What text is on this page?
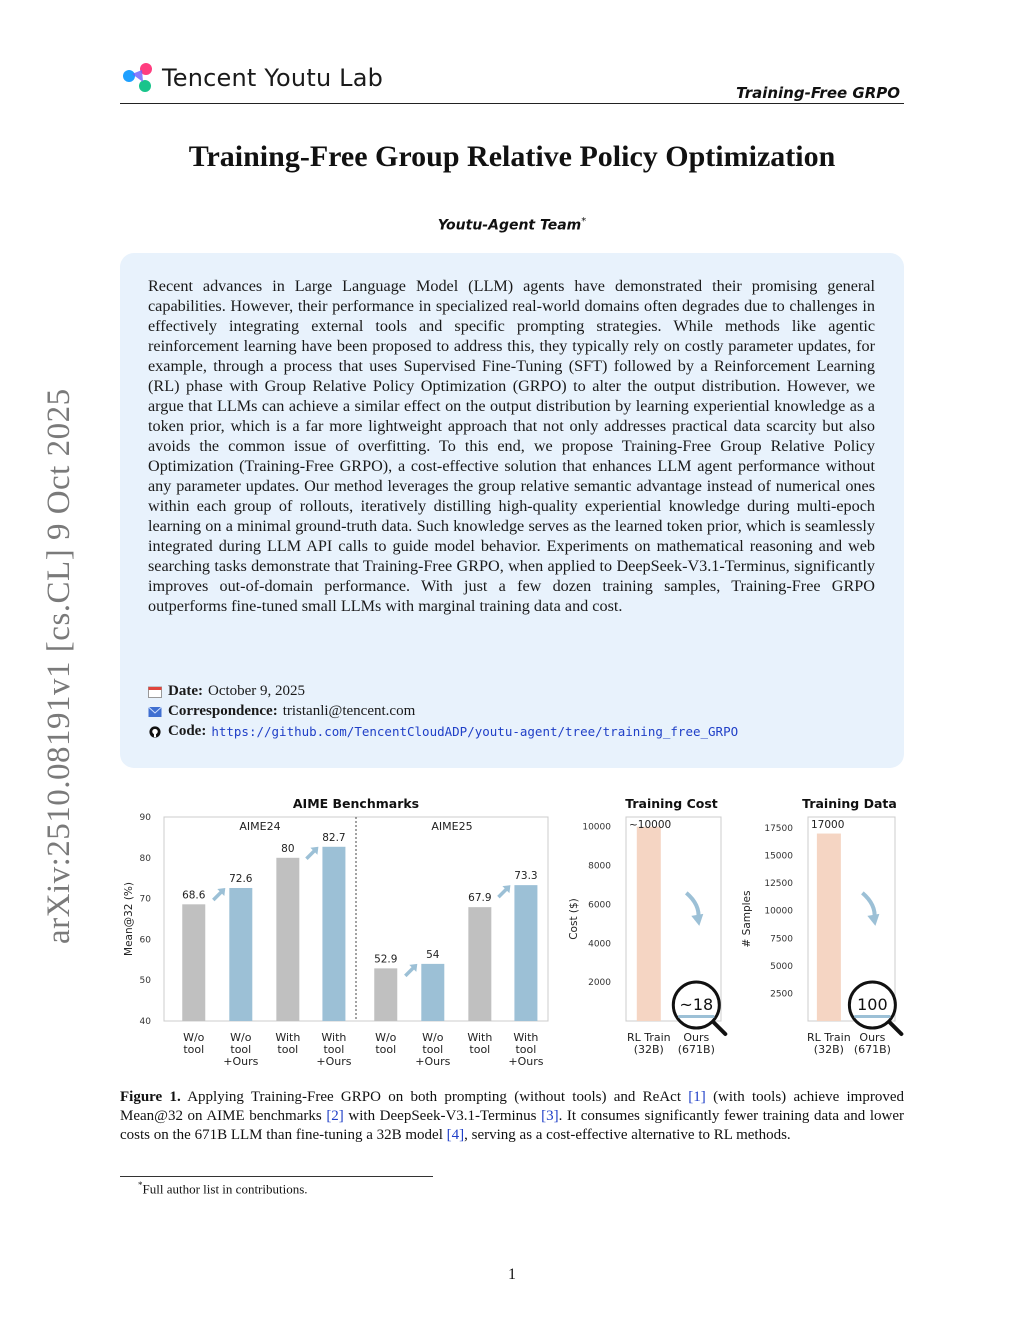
Tencent Youtu Lab
Training-Free GRPO
Training-Free Group Relative Policy Optimization
Youtu-Agent Team*
Recent advances in Large Language Model (LLM) agents have demonstrated their promising general capabilities. However, their performance in specialized real-world domains often degrades due to challenges in effectively integrating external tools and specific prompting strategies. While methods like agentic reinforcement learning have been proposed to address this, they typically rely on costly parameter updates, for example, through a process that uses Supervised Fine-Tuning (SFT) followed by a Reinforcement Learning (RL) phase with Group Relative Policy Optimization (GRPO) to alter the output distribution. However, we argue that LLMs can achieve a similar effect on the output distribution by learning experiential knowledge as a token prior, which is a far more lightweight approach that not only addresses practical data scarcity but also avoids the common issue of overfitting. To this end, we propose Training-Free Group Relative Policy Optimization (Training-Free GRPO), a cost-effective solution that enhances LLM agent performance without any parameter updates. Our method leverages the group relative semantic advantage instead of numerical ones within each group of rollouts, iteratively distilling high-quality experiential knowledge during multi-epoch learning on a minimal ground-truth data. Such knowledge serves as the learned token prior, which is seamlessly integrated during LLM API calls to guide model behavior. Experiments on mathematical reasoning and web searching tasks demonstrate that Training-Free GRPO, when applied to DeepSeek-V3.1-Terminus, significantly improves out-of-domain performance. With just a few dozen training samples, Training-Free GRPO outperforms fine-tuned small LLMs with marginal training data and cost.
Date: October 9, 2025
Correspondence: tristanli@tencent.com
Code: https://github.com/TencentCloudADP/youtu-agent/tree/training_free_GRPO
arXiv:2510.08191v1 [cs.CL] 9 Oct 2025	AIME Benchmarks
40
50
60
70
80
90
Mean@32 (%)
AIME24
68.6
W/o tool
72.6
W/o tool +Ours
80
With tool
82.7
With tool +Ours
AIME25
52.9
W/o tool
54
W/o tool +Ours
67.9
With tool
73.3
With tool +Ours
Training Cost
2000
4000
6000
8000
10000
Cost ($)
~10000
~18
RL Train (32B)
Ours (671B)
Training Data
2500
5000
7500
10000
12500
15000
17500
# Samples
17000
100
RL Train (32B)
Ours (671B)
Figure 1. Applying Training-Free GRPO on both prompting (without tools) and ReAct [1] (with tools) achieve improved Mean@32 on AIME benchmarks [2] with DeepSeek-V3.1-Terminus [3]. It consumes significantly fewer training data and lower costs on the 671B LLM than fine-tuning a 32B model [4], serving as a cost-effective alternative to RL methods.
*Full author list in contributions.
1
